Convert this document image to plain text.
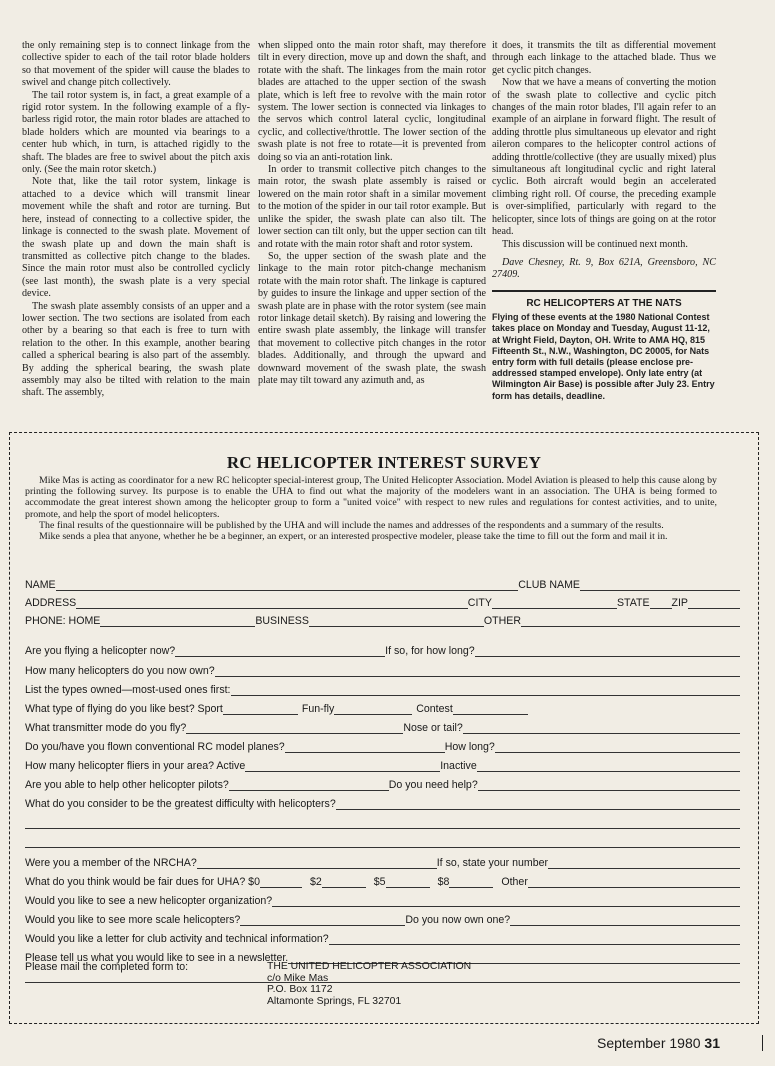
the only remaining step is to connect linkage from the collective spider to each of the tail rotor blade holders so that movement of the spider will cause the blades to swivel and change pitch collectively.

The tail rotor system is, in fact, a great example of a rigid rotor system. In the following example of a fly-barless rigid rotor, the main rotor blades are attached to blade holders which are mounted via bearings to a center hub which, in turn, is attached rigidly to the shaft. The blades are free to swivel about the pitch axis only. (See the main rotor sketch.)

Note that, like the tail rotor system, linkage is attached to a device which will transmit linear movement while the shaft and rotor are turning. But here, instead of connecting to a collective spider, the linkage is connected to the swash plate. Movement of the swash plate up and down the main shaft is transmitted as collective pitch change to the blades. Since the main rotor must also be controlled cyclicly (see last month), the swash plate is a very special device.

The swash plate assembly consists of an upper and a lower section. The two sections are isolated from each other by a bearing so that each is free to turn with relation to the other. In this example, another bearing called a spherical bearing is also part of the assembly. By adding the spherical bearing, the swash plate assembly may also be tilted with relation to the main shaft. The assembly,

when slipped onto the main rotor shaft, may therefore tilt in every direction, move up and down the shaft, and rotate with the shaft. The linkages from the main rotor blades are attached to the upper section of the swash plate, which is left free to revolve with the main rotor system. The lower section is connected via linkages to the servos which control lateral cyclic, longitudinal cyclic, and collective/throttle. The lower section of the swash plate is not free to rotate—it is prevented from doing so via an anti-rotation link.

In order to transmit collective pitch changes to the main rotor, the swash plate assembly is raised or lowered on the main rotor shaft in a similar movement to the motion of the spider in our tail rotor example. But unlike the spider, the swash plate can also tilt. The lower section can tilt only, but the upper section can tilt and rotate with the main rotor shaft and rotor system.

So, the upper section of the swash plate and the linkage to the main rotor pitch-change mechanism rotate with the main rotor shaft. The linkage is captured by guides to insure the linkage and upper section of the swash plate are in phase with the rotor system (see main rotor linkage detail sketch). By raising and lowering the entire swash plate assembly, the linkage will transfer that movement to collective pitch changes in the rotor blades. Additionally, and through the upward and downward movement of the swash plate, the swash plate may tilt toward any azimuth and, as

it does, it transmits the tilt as differential movement through each linkage to the attached blade. Thus we get cyclic pitch changes.

Now that we have a means of converting the motion of the swash plate to collective and cyclic pitch changes of the main rotor blades, I'll again refer to an example of an airplane in forward flight. The result of adding throttle plus simultaneous up elevator and right aileron compares to the helicopter control actions of adding throttle/collective (they are usually mixed) plus simultaneous aft longitudinal cyclic and right lateral cyclic. Both aircraft would begin an accelerated climbing right roll. Of course, the preceding example is over-simplified, particularly with regard to the helicopter, since lots of things are going on at the rotor head.

This discussion will be continued next month.

Dave Chesney, Rt. 9, Box 621A, Greensboro, NC 27409.

RC HELICOPTERS AT THE NATS

Flying of these events at the 1980 National Contest takes place on Monday and Tuesday, August 11-12, at Wright Field, Dayton, OH. Write to AMA HQ, 815 Fifteenth St., N.W., Washington, DC 20005, for Nats entry form with full details (please enclose pre-addressed stamped envelope). Only late entry (at Wilmington Air Base) is possible after July 23. Entry form has details, deadline.

RC HELICOPTER INTEREST SURVEY

Mike Mas is acting as coordinator for a new RC helicopter special-interest group, The United Helicopter Association. Model Aviation is pleased to help this cause along by printing the following survey. Its purpose is to enable the UHA to find out what the majority of the modelers want in an association. The UHA is being formed to accommodate the great interest shown among the helicopter group to form a "united voice" with respect to new rules and regulations for contest activities, and to unite, promote, and help the sport of model helicopters.

The final results of the questionnaire will be published by the UHA and will include the names and addresses of the respondents and a summary of the results.

Mike sends a plea that anyone, whether he be a beginner, an expert, or an interested prospective modeler, please take the time to fill out the form and mail it in.

NAME	CLUB NAME
ADDRESS	CITY	STATE ZIP
PHONE: HOME	BUSINESS	OTHER
Are you flying a helicopter now?	If so, for how long?
How many helicopters do you now own?
List the types owned—most-used ones first:
What type of flying do you like best? Sport	Fun-fly	Contest
What transmitter mode do you fly?	Nose or tail?
Do you/have you flown conventional RC model planes?	How long?
How many helicopter fliers in your area? Active	Inactive
Are you able to help other helicopter pilots?	Do you need help?
What do you consider to be the greatest difficulty with helicopters?
Were you a member of the NRCHA?	If so, state your number
What do you think would be fair dues for UHA? $0	$2	$5	$8	Other
Would you like to see a new helicopter organization?
Would you like to see more scale helicopters?	Do you now own one?
Would you like a letter for club activity and technical information?
Please tell us what you would like to see in a newsletter.
Please mail the completed form to:	THE UNITED HELICOPTER ASSOCIATION
c/o Mike Mas
P.O. Box 1172
Altamonte Springs, FL 32701
September 1980 31
